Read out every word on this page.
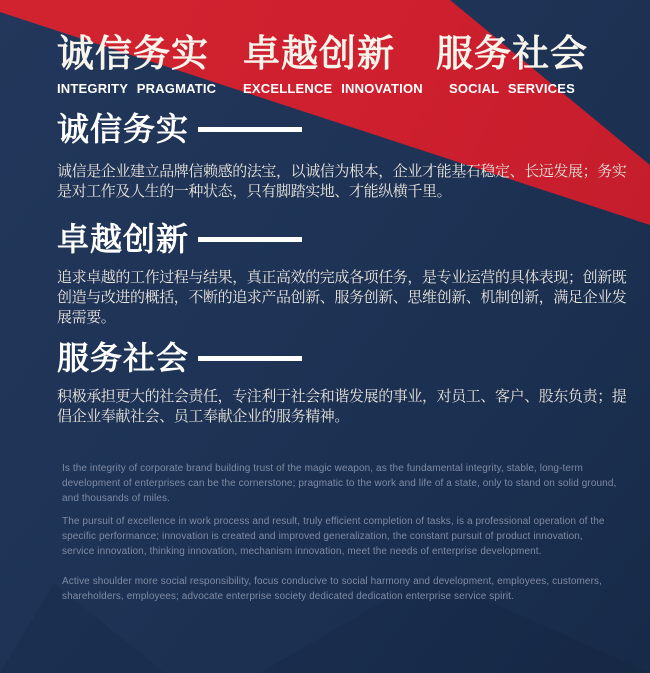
诚信务实
INTEGRITY PRAGMATIC
卓越创新
EXCELLENCE INNOVATION
服务社会
SOCIAL SERVICES
诚信务实
诚信是企业建立品牌信赖感的法宝，以诚信为根本，企业才能基石稳定、长远发展；务实
是对工作及人生的一种状态，只有脚踏实地、才能纵横千里。
卓越创新
追求卓越的工作过程与结果，真正高效的完成各项任务，是专业运营的具体表现；创新既
创造与改进的概括，不断的追求产品创新、服务创新、思维创新、机制创新，满足企业发
展需要。
服务社会
积极承担更大的社会责任，专注利于社会和谐发展的事业，对员工、客户、股东负责；提
倡企业奉献社会、员工奉献企业的服务精神。
Is the integrity of corporate brand building trust of the magic weapon, as the fundamental integrity, stable, long-term
development of enterprises can be the cornerstone; pragmatic to the work and life of a state, only to stand on solid ground,
and thousands of miles.
The pursuit of excellence in work process and result, truly efficient completion of tasks, is a professional operation of the
specific performance; innovation is created and improved generalization, the constant pursuit of product innovation,
service innovation, thinking innovation, mechanism innovation, meet the needs of enterprise development.
Active shoulder more social responsibility, focus conducive to social harmony and development, employees, customers,
shareholders, employees; advocate enterprise society dedicated dedication enterprise service spirit.
